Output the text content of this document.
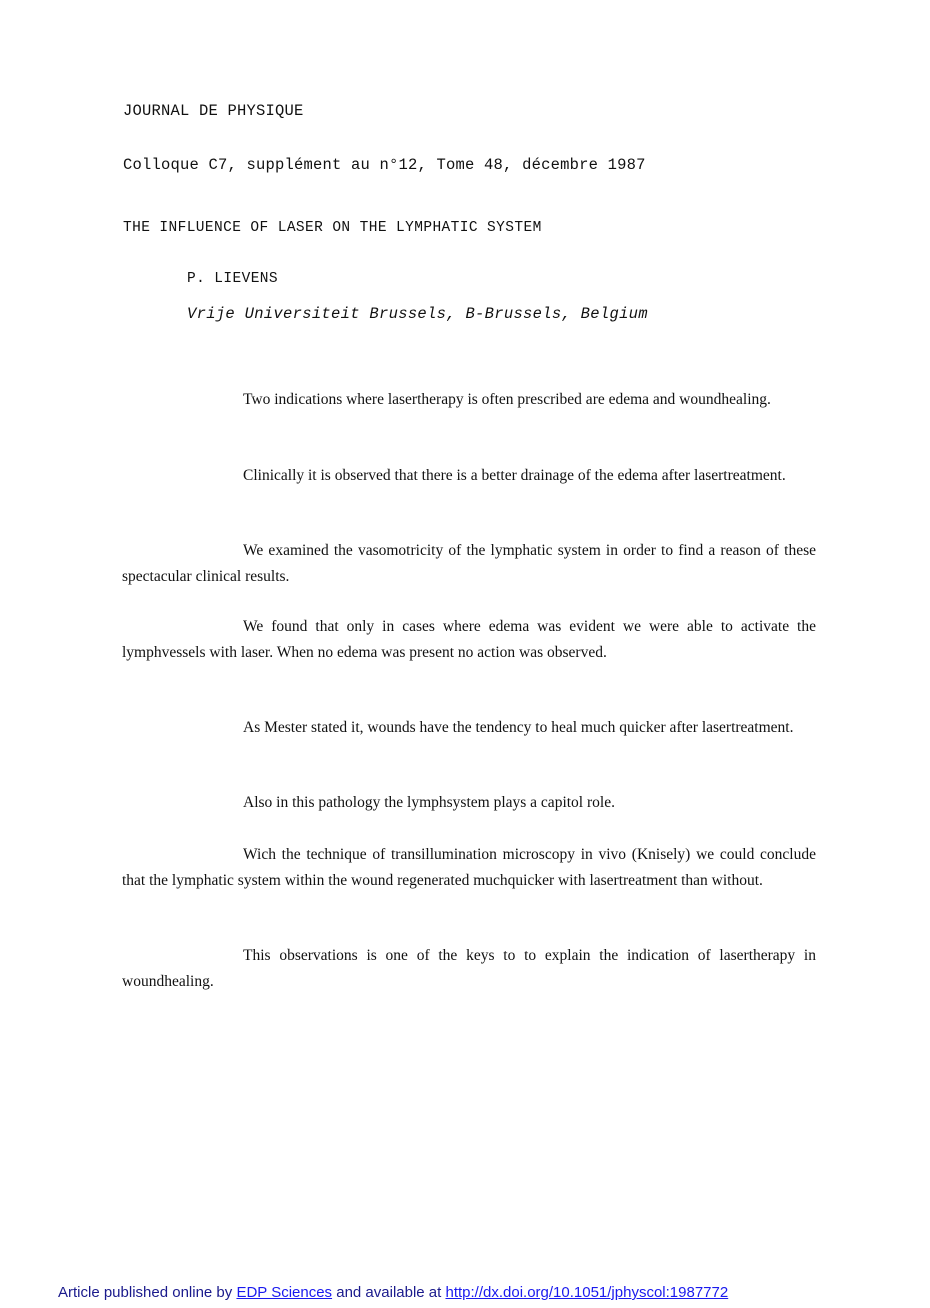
JOURNAL DE PHYSIQUE

Colloque C7, supplément au n°12, Tome 48, décembre 1987

THE INFLUENCE OF LASER ON THE LYMPHATIC SYSTEM
P. LIEVENS
Vrije Universiteit Brussels, B-Brussels, Belgium

Two indications where lasertherapy is often prescribed are edema and woundhealing.

Clinically it is observed that there is a better drainage of the edema after lasertreatment.

We examined the vasomotricity of the lymphatic system in order to find a reason of these spectacular clinical results.

We found that only in cases where edema was evident we were able to activate the lymphvessels with laser. When no edema was present no action was observed.

As Mester stated it, wounds have the tendency to heal much quicker after lasertreatment.

Also in this pathology the lymphsystem plays a capitol role.

Wich the technique of transillumination microscopy in vivo (Knisely) we could conclude that the lymphatic system within the wound regenerated muchquicker with lasertreatment than without.

This observations is one of the keys to to explain the indication of lasertherapy in woundhealing.

Article published online by EDP Sciences and available at http://dx.doi.org/10.1051/jphyscol:1987772
